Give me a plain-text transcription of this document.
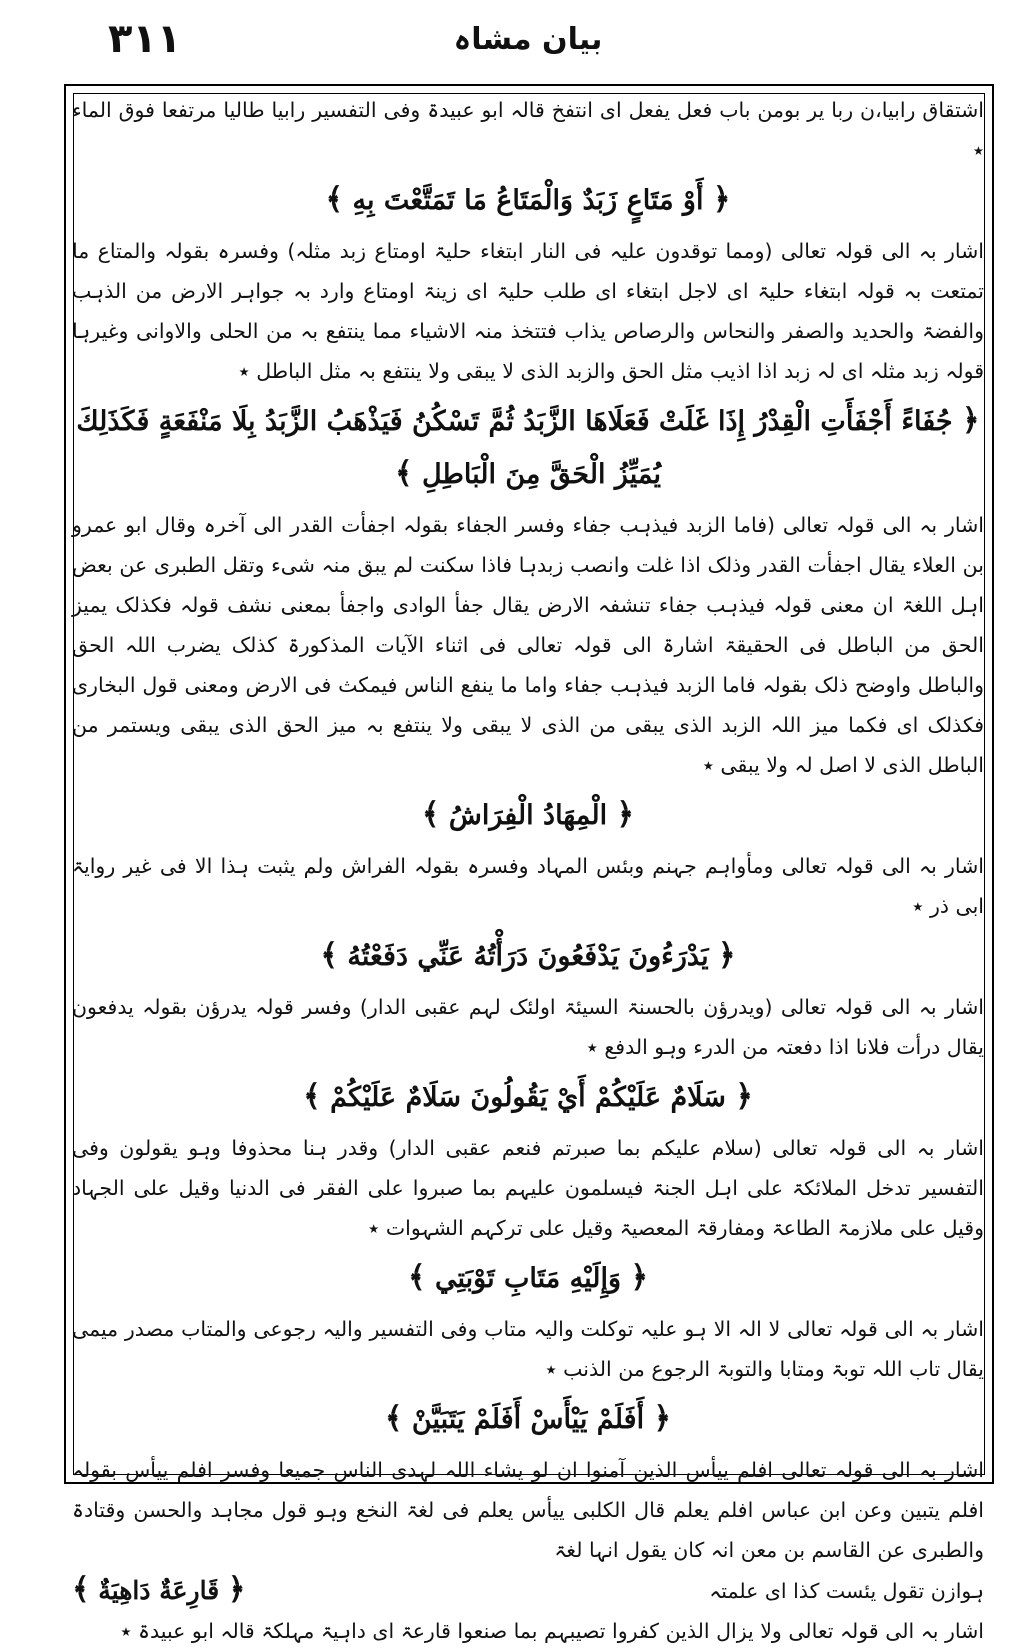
٣١١	بیان مشاہ

اشتقاق رابیا،ن ربا یر بومن باب فعل یفعل ای انتفخ قالہ ابو عبیدۃ وفی التفسیر رابیا طالیا مرتفعا فوق الماء ٭

﴿ أَوْ مَتَاعٍ زَبَدٌ وَالْمَتَاعُ مَا تَمَتَّعْتَ بِهِ ﴾

اشار بہ الی قولہ تعالی (ومما توقدون علیہ فی النار ابتغاء حلیۃ اومتاع زبد مثلہ) وفسرہ بقولہ والمتاع ما تمتعت بہ قولہ ابتغاء حلیۃ ای لاجل ابتغاء ای طلب حلیۃ ای زینۃ اومتاع وارد بہ جواہر الارض من الذہب والفضۃ والحدید والصفر والنحاس والرصاص یذاب فتتخذ منہ الاشیاء مما ینتفع بہ من الحلی والاوانی وغیرہا قولہ زبد مثلہ ای لہ زبد اذا اذیب مثل الحق والزبد الذی لا یبقی ولا ینتفع بہ مثل الباطل ٭

﴿ جُفَاءً أَجْفَأَتِ الْقِدْرُ إِذَا غَلَتْ فَعَلَاهَا الزَّبَدُ ثُمَّ تَسْكُنُ فَيَذْهَبُ الزَّبَدُ بِلَا مَنْفَعَةٍ فَكَذَلِكَ يُمَيِّزُ الْحَقَّ مِنَ الْبَاطِلِ ﴾

اشار بہ الی قولہ تعالی (فاما الزبد فیذہب جفاء وفسر الجفاء بقولہ اجفأت القدر الی آخرہ وقال ابو عمرو بن العلاء یقال اجفأت القدر وذلک اذا غلت وانصب زبدہا فاذا سکنت لم یبق منہ شیء وتقل الطبری عن بعض اہل اللغۃ ان معنی قولہ فیذہب جفاء تنشفہ الارض یقال جفأ الوادی واجفأ بمعنی نشف قولہ فکذلک یمیز الحق من الباطل فی الحقیقۃ اشارۃ الی قولہ تعالی فی اثناء الآیات المذکورۃ کذلک یضرب اللہ الحق والباطل واوضح ذلک بقولہ فاما الزبد فیذہب جفاء واما ما ینفع الناس فیمکث فی الارض ومعنی قول البخاری فکذلک ای فکما میز اللہ الزبد الذی یبقی من الذی لا یبقی ولا ینتفع بہ میز الحق الذی یبقی ویستمر من الباطل الذی لا اصل لہ ولا یبقی ٭

﴿ الْمِهَادُ الْفِرَاشُ ﴾

اشار بہ الی قولہ تعالی ومأواہم جہنم وبئس المہاد وفسرہ بقولہ الفراش ولم یثبت ہذا الا فی غیر روایۃ ابی ذر ٭

﴿ يَدْرَءُونَ يَدْفَعُونَ دَرَأْتُهُ عَنِّي دَفَعْتُهُ ﴾

اشار بہ الی قولہ تعالی (ویدرؤن بالحسنۃ السیئۃ اولئک لہم عقبی الدار) وفسر قولہ یدرؤن بقولہ یدفعون یقال درأت فلانا اذا دفعتہ من الدرء وہو الدفع ٭

﴿ سَلَامٌ عَلَيْكُمْ أَيْ يَقُولُونَ سَلَامٌ عَلَيْكُمْ ﴾

اشار بہ الی قولہ تعالی (سلام علیکم بما صبرتم فنعم عقبی الدار) وقدر ہنا محذوفا وہو یقولون وفی التفسیر تدخل الملائکۃ علی اہل الجنۃ فیسلمون علیہم بما صبروا علی الفقر فی الدنیا وقیل علی الجہاد وقیل علی ملازمۃ الطاعۃ ومفارقۃ المعصیۃ وقیل علی ترکہم الشہوات ٭

﴿ وَإِلَيْهِ مَتَابِ تَوْبَتِي ﴾

اشار بہ الی قولہ تعالی لا الہ الا ہو علیہ توکلت والیہ متاب وفی التفسیر والیہ رجوعی والمتاب مصدر میمی یقال تاب اللہ توبۃ ومتابا والتوبۃ الرجوع من الذنب ٭

﴿ أَفَلَمْ يَيْأَسْ أَفَلَمْ يَتَبَيَّنْ ﴾

اشار بہ الی قولہ تعالی افلم ییأس الذین آمنوا ان لو یشاء اللہ لہدی الناس جمیعا وفسر افلم ییأس بقولہ افلم یتبین وعن ابن عباس افلم یعلم قال الکلبی ییأس یعلم فی لغۃ النخع وہو قول مجاہد والحسن وقتادۃ والطبری عن القاسم بن معن انہ کان یقول انہا لغۃ

ہوازن تقول یئست کذا ای علمتہ
﴿ قَارِعَةٌ دَاهِيَةٌ ﴾

اشار بہ الی قولہ تعالی ولا یزال الذین کفروا تصیبہم بما صنعوا قارعۃ ای داہیۃ مہلکۃ قالہ ابو عبیدۃ ٭
